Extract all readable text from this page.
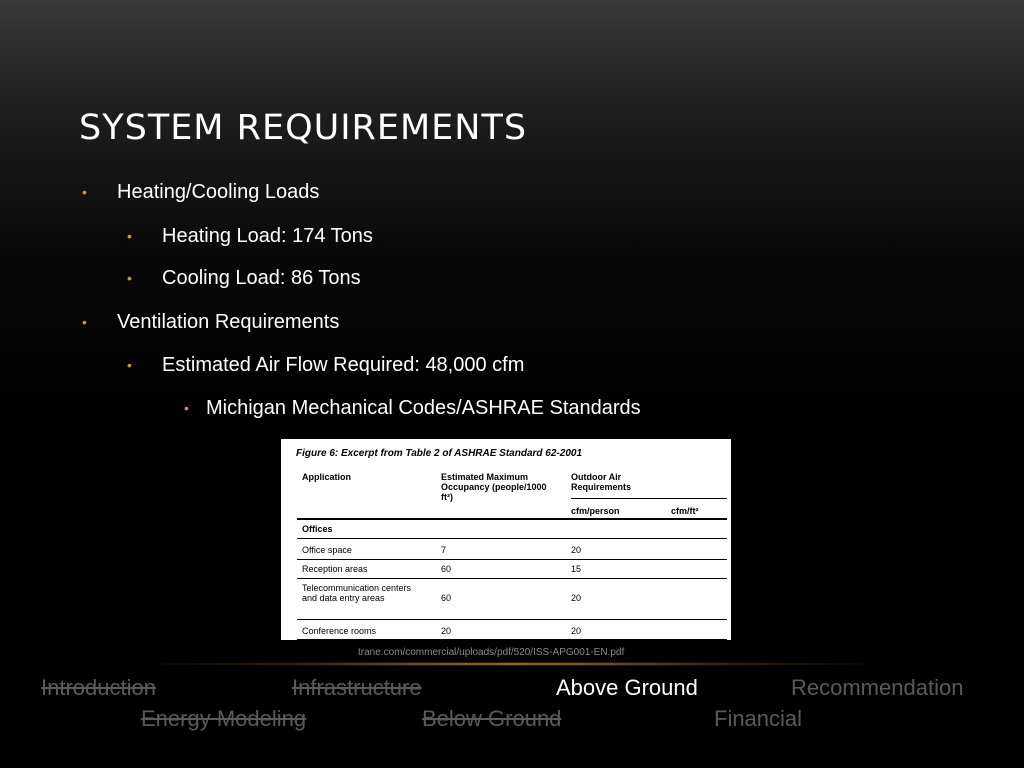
SYSTEM REQUIREMENTS
• Heating/Cooling Loads
• Heating Load: 174 Tons
• Cooling Load: 86 Tons
• Ventilation Requirements
• Estimated Air Flow Required: 48,000 cfm
• Michigan Mechanical Codes/ASHRAE Standards
Figure 6: Excerpt from Table 2 of ASHRAE Standard 62-2001
Application	Estimated Maximum Occupancy (people/1000 ft²)
Outdoor Air Requirements
cfm/person	cfm/ft²
Offices
Office space	7	20
Reception areas	60	15
Telecommunication centers and data entry areas	60	20
Conference rooms	20	20
trane.com/commercial/uploads/pdf/520/ISS-APG001-EN.pdf
Introduction	Infrastructure	Above Ground	Recommendation
Energy Modeling	Below Ground	Financial
